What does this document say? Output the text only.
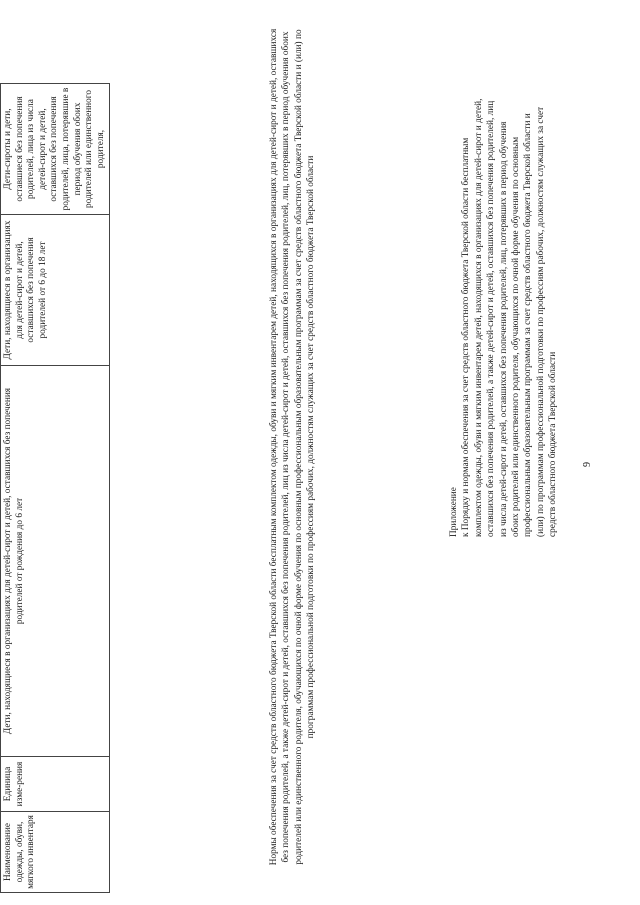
9
Приложение к Порядку и нормам обеспечения за счет средств областного бюджета Тверской области бесплатным комплектом одежды, обуви и мягким инвентарем детей, находящихся в организациях для детей-сирот и детей, оставшихся без попечения родителей, а также детей-сирот и детей, оставшихся без попечения родителей, лиц из числа детей-сирот и детей, оставшихся без попечения родителей, лиц, потерявших в период обучения обоих родителей или единственного родителя, обучающихся по очной форме обучения по основным профессиональным образовательным программам за счет средств областного бюджета Тверской области и (или) по программам профессиональной подготовки по профессиям рабочих, должностям служащих за счет средств областного бюджета Тверской области
Нормы обеспечения за счет средств областного бюджета Тверской области бесплатным комплектом одежды, обуви и мягким инвентарем детей, находящихся в организациях для детей-сирот и детей, оставшихся без попечения родителей, а также детей-сирот и детей, оставшихся без попечения родителей, лиц из числа детей-сирот и детей, оставшихся без попечения родителей, лиц, потерявших в период обучения обоих родителей или единственного родителя, обучающихся по очной форме обучения по основным профессиональным образовательным программам за счет средств областного бюджета Тверской области и (или) по программам профессиональной подготовки по профессиям рабочих, должностям служащих за счет средств областного бюджета Тверской области
Наименование одежды, обуви, мягкого инвентаря	Единица изме-рения	Дети, находящиеся в организациях для детей-сирот и детей, оставшихся без попечения родителей от рождения до 6 лет	Дети, находящиеся в организациях для детей-сирот и детей, оставшихся без попечения родителей от 6 до 18 лет	Дети-сироты и дети, оставшиеся без попечения родителей, лица из числа детей-сирот и детей, оставшихся без попечения родителей, лица, потерявшие в период обучения обоих родителей или единственного родителя,
